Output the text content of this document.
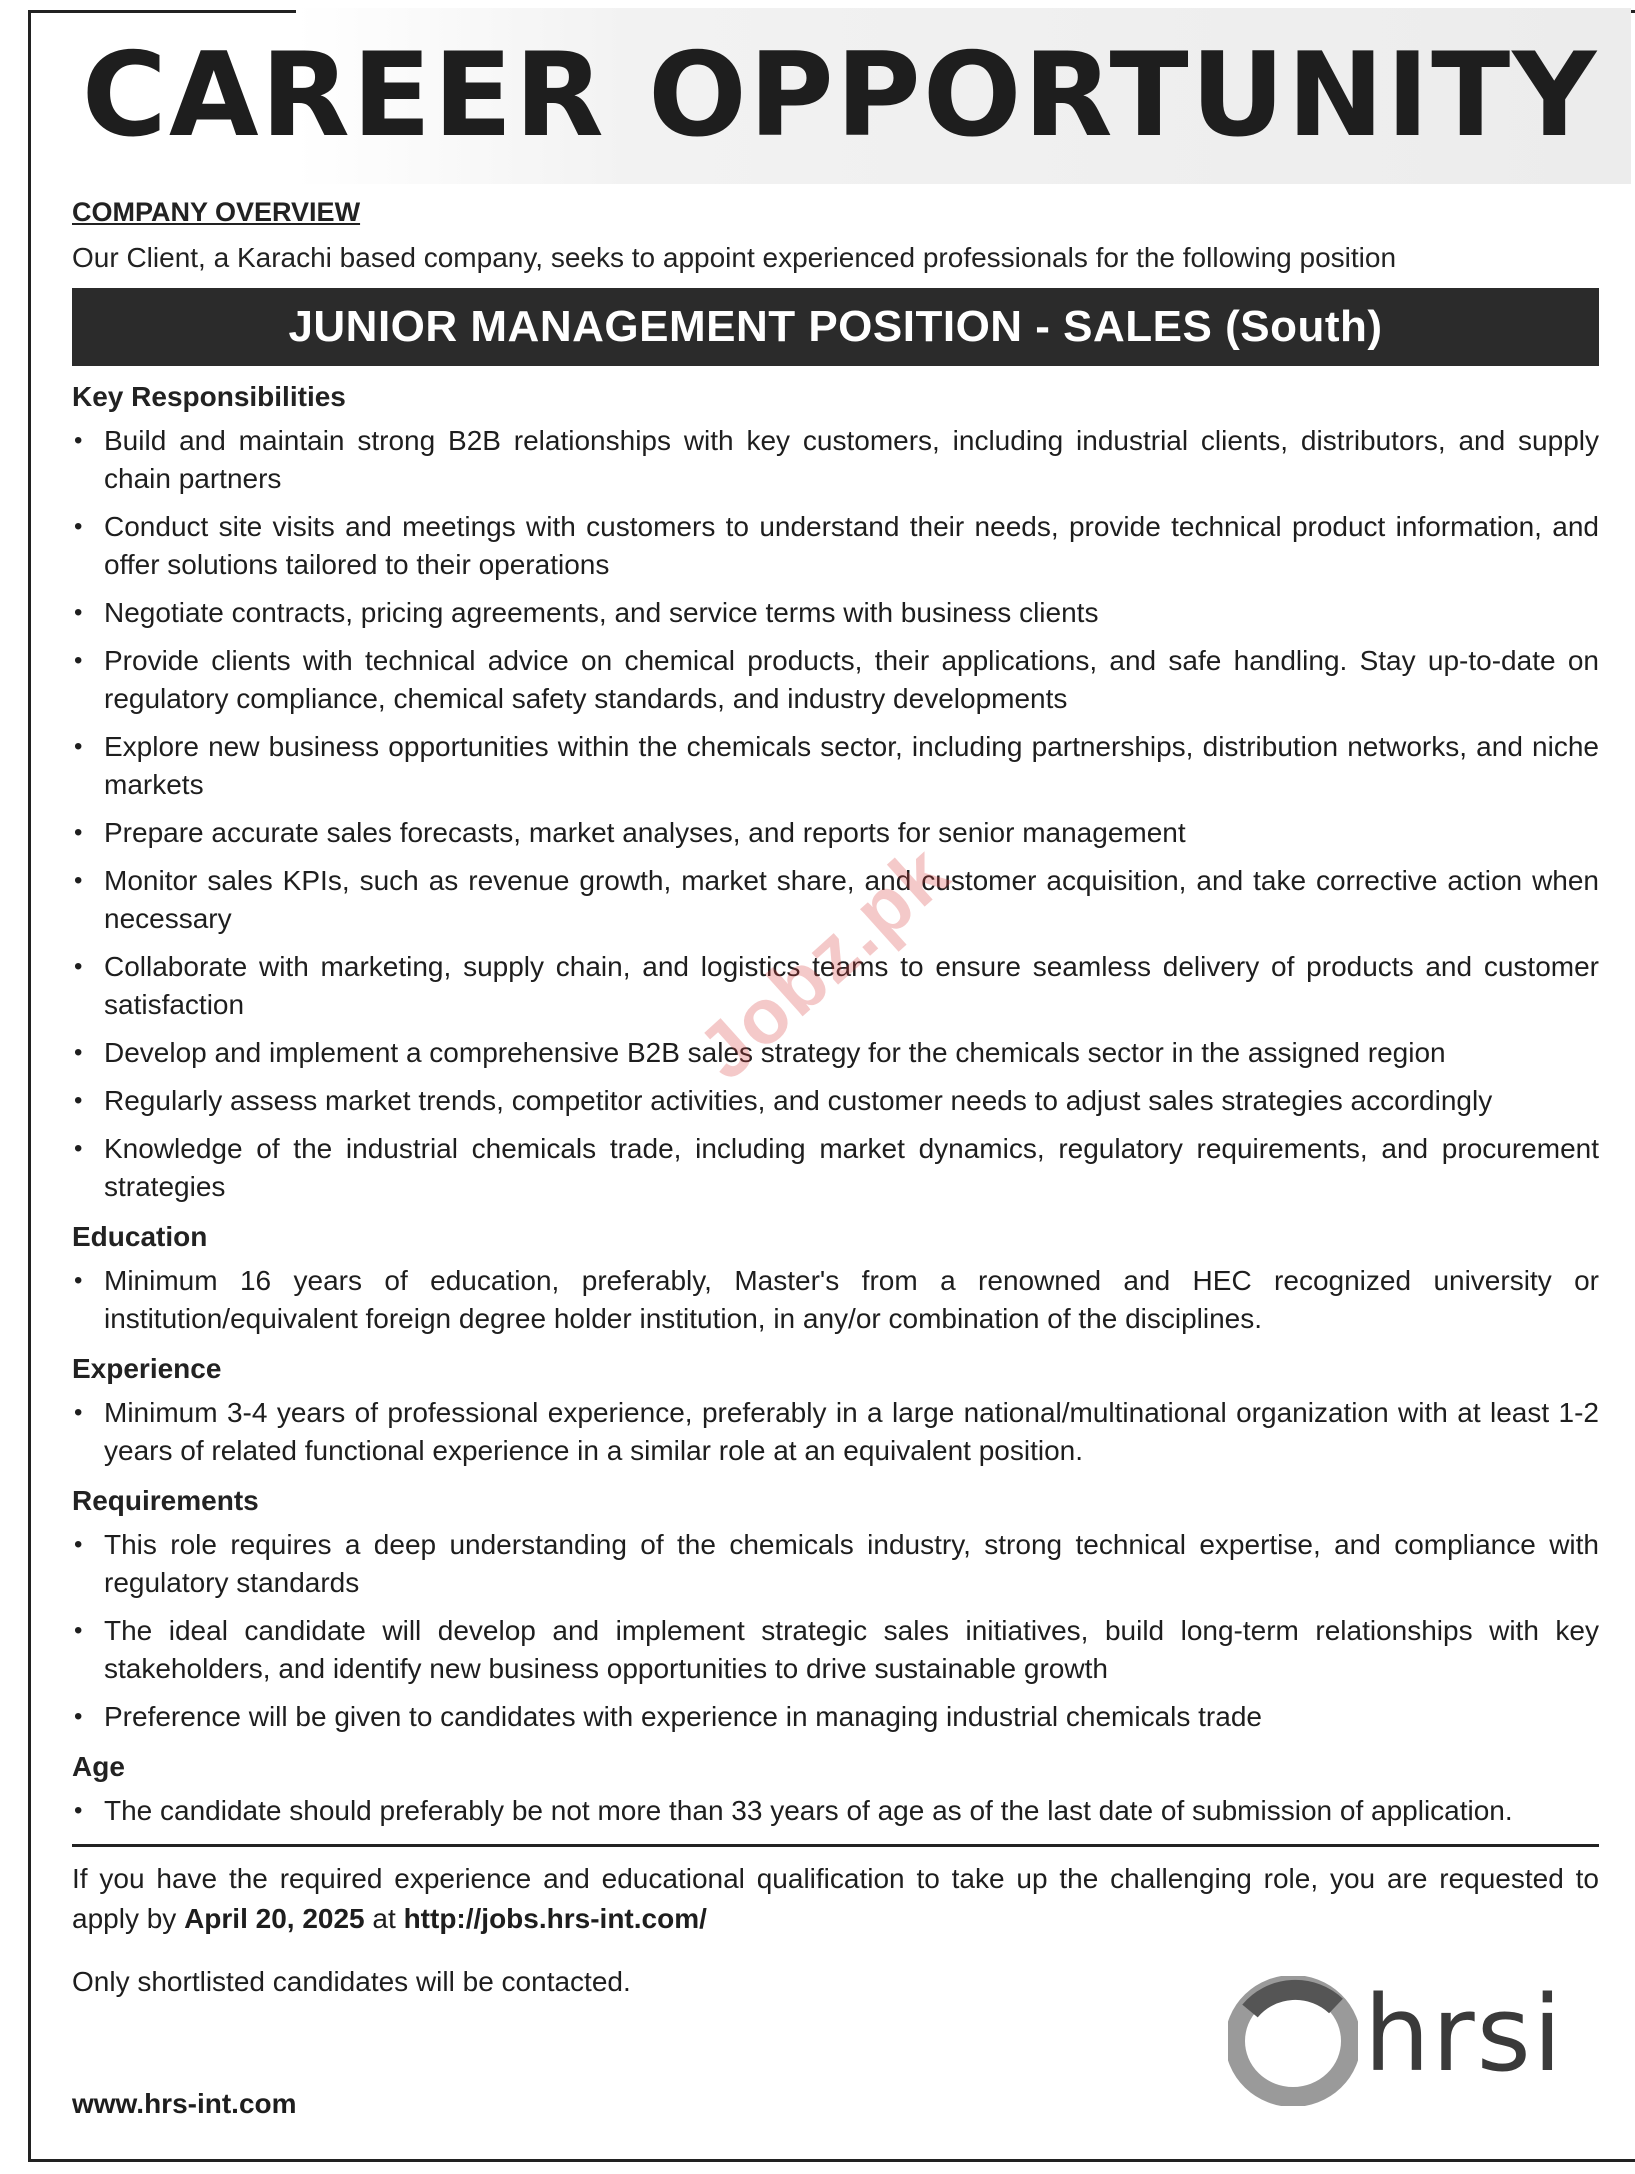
CAREER OPPORTUNITY

COMPANY OVERVIEW

Our Client, a Karachi based company, seeks to appoint experienced professionals for the following position

JUNIOR MANAGEMENT POSITION - SALES (South)
Key Responsibilities
• Build and maintain strong B2B relationships with key customers, including industrial clients, distributors, and supply chain partners
• Conduct site visits and meetings with customers to understand their needs, provide technical product information, and offer solutions tailored to their operations
• Negotiate contracts, pricing agreements, and service terms with business clients
• Provide clients with technical advice on chemical products, their applications, and safe handling. Stay up-to-date on regulatory compliance, chemical safety standards, and industry developments
• Explore new business opportunities within the chemicals sector, including partnerships, distribution networks, and niche markets
• Prepare accurate sales forecasts, market analyses, and reports for senior management
• Monitor sales KPIs, such as revenue growth, market share, and customer acquisition, and take corrective action when necessary
• Collaborate with marketing, supply chain, and logistics teams to ensure seamless delivery of products and customer satisfaction
• Develop and implement a comprehensive B2B sales strategy for the chemicals sector in the assigned region
• Regularly assess market trends, competitor activities, and customer needs to adjust sales strategies accordingly
• Knowledge of the industrial chemicals trade, including market dynamics, regulatory requirements, and procurement strategies
Education
• Minimum 16 years of education, preferably, Master's from a renowned and HEC recognized university or institution/equivalent foreign degree holder institution, in any/or combination of the disciplines.
Experience
• Minimum 3-4 years of professional experience, preferably in a large national/multinational organization with at least 1-2 years of related functional experience in a similar role at an equivalent position.
Requirements
• This role requires a deep understanding of the chemicals industry, strong technical expertise, and compliance with regulatory standards
• The ideal candidate will develop and implement strategic sales initiatives, build long-term relationships with key stakeholders, and identify new business opportunities to drive sustainable growth
• Preference will be given to candidates with experience in managing industrial chemicals trade
Age
• The candidate should preferably be not more than 33 years of age as of the last date of submission of application.

If you have the required experience and educational qualification to take up the challenging role, you are requested to apply by April 20, 2025 at http://jobs.hrs-int.com/

Only shortlisted candidates will be contacted.

www.hrs-int.com
hrsi
Jobz.pk
